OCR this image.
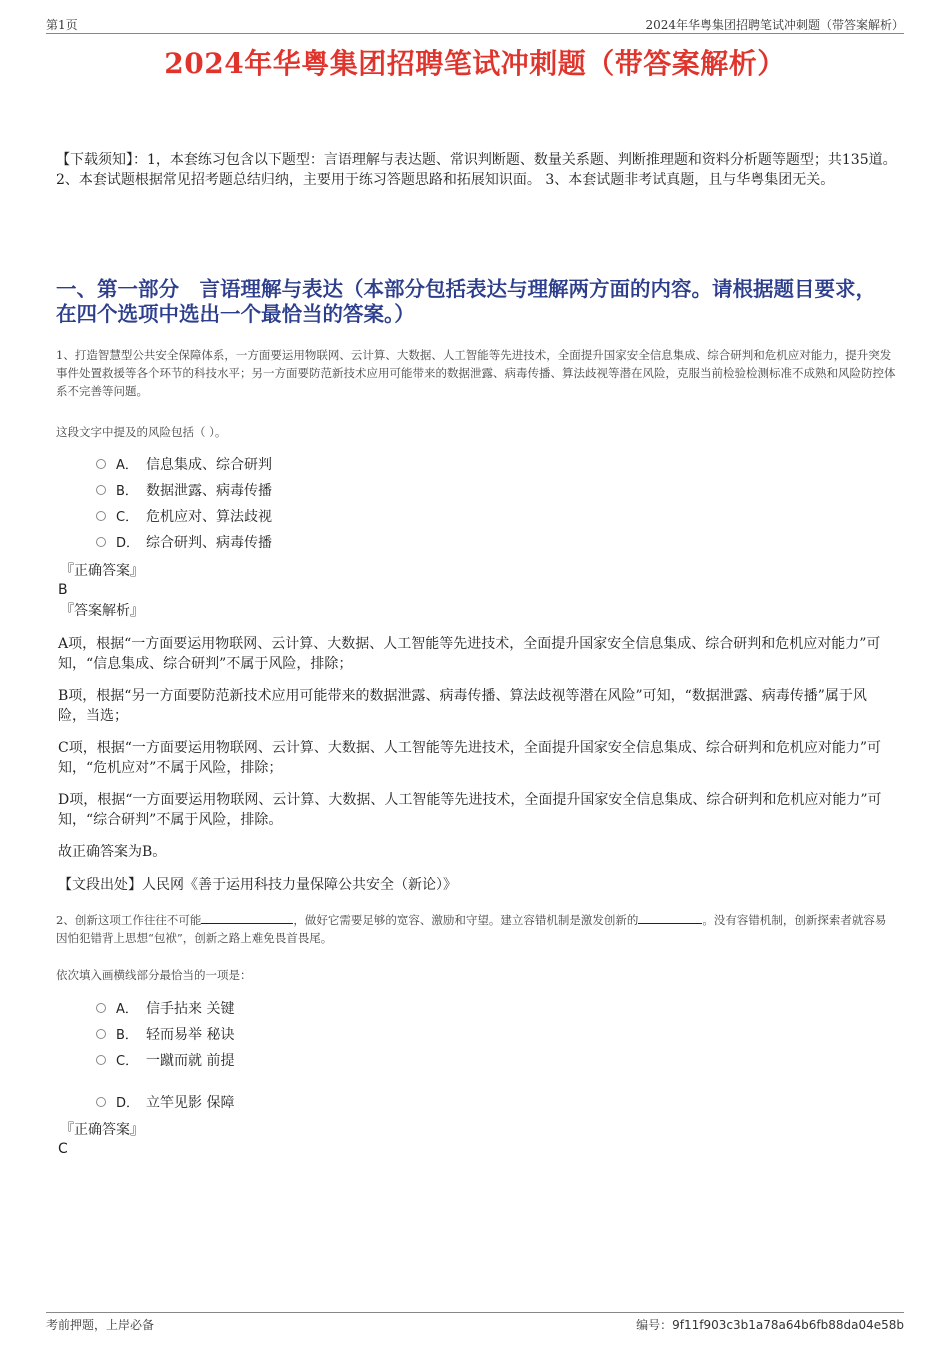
第1页	2024年华粤集团招聘笔试冲刺题（带答案解析）
2024年华粤集团招聘笔试冲刺题（带答案解析）

【下载须知】：1，本套练习包含以下题型：言语理解与表达题、常识判断题、数量关系题、判断推理题和资料分析题等题型；共135道。 2、本套试题根据常见招考题总结归纳，主要用于练习答题思路和拓展知识面。 3、本套试题非考试真题，且与华粤集团无关。

一、第一部分　言语理解与表达（本部分包括表达与理解两方面的内容。请根据题目要求，在四个选项中选出一个最恰当的答案。）

1、打造智慧型公共安全保障体系，一方面要运用物联网、云计算、大数据、人工智能等先进技术，全面提升国家安全信息集成、综合研判和危机应对能力，提升突发事件处置救援等各个环节的科技水平；另一方面要防范新技术应用可能带来的数据泄露、病毒传播、算法歧视等潜在风险，克服当前检验检测标准不成熟和风险防控体系不完善等问题。

这段文字中提及的风险包括（ ）。

A． 信息集成、综合研判
B． 数据泄露、病毒传播
C． 危机应对、算法歧视
D． 综合研判、病毒传播
『正确答案』
B
『答案解析』

A项，根据“一方面要运用物联网、云计算、大数据、人工智能等先进技术，全面提升国家安全信息集成、综合研判和危机应对能力”可知，“信息集成、综合研判”不属于风险，排除；

B项，根据“另一方面要防范新技术应用可能带来的数据泄露、病毒传播、算法歧视等潜在风险”可知，“数据泄露、病毒传播”属于风险，当选；

C项，根据“一方面要运用物联网、云计算、大数据、人工智能等先进技术，全面提升国家安全信息集成、综合研判和危机应对能力”可知，“危机应对”不属于风险，排除；

D项，根据“一方面要运用物联网、云计算、大数据、人工智能等先进技术，全面提升国家安全信息集成、综合研判和危机应对能力”可知，“综合研判”不属于风险，排除。

故正确答案为B。

【文段出处】人民网《善于运用科技力量保障公共安全（新论）》

2、创新这项工作往往不可能	，做好它需要足够的宽容、激励和守望。建立容错机制是激发创新的	。没有容错机制，创新探索者就容易因怕犯错背上思想“包袱”，创新之路上难免畏首畏尾。

依次填入画横线部分最恰当的一项是：

A． 信手拈来 关键
B． 轻而易举 秘诀
C． 一蹴而就 前提
D． 立竿见影 保障
『正确答案』
C
考前押题，上岸必备	编号：9f11f903c3b1a78a64b6fb88da04e58b
